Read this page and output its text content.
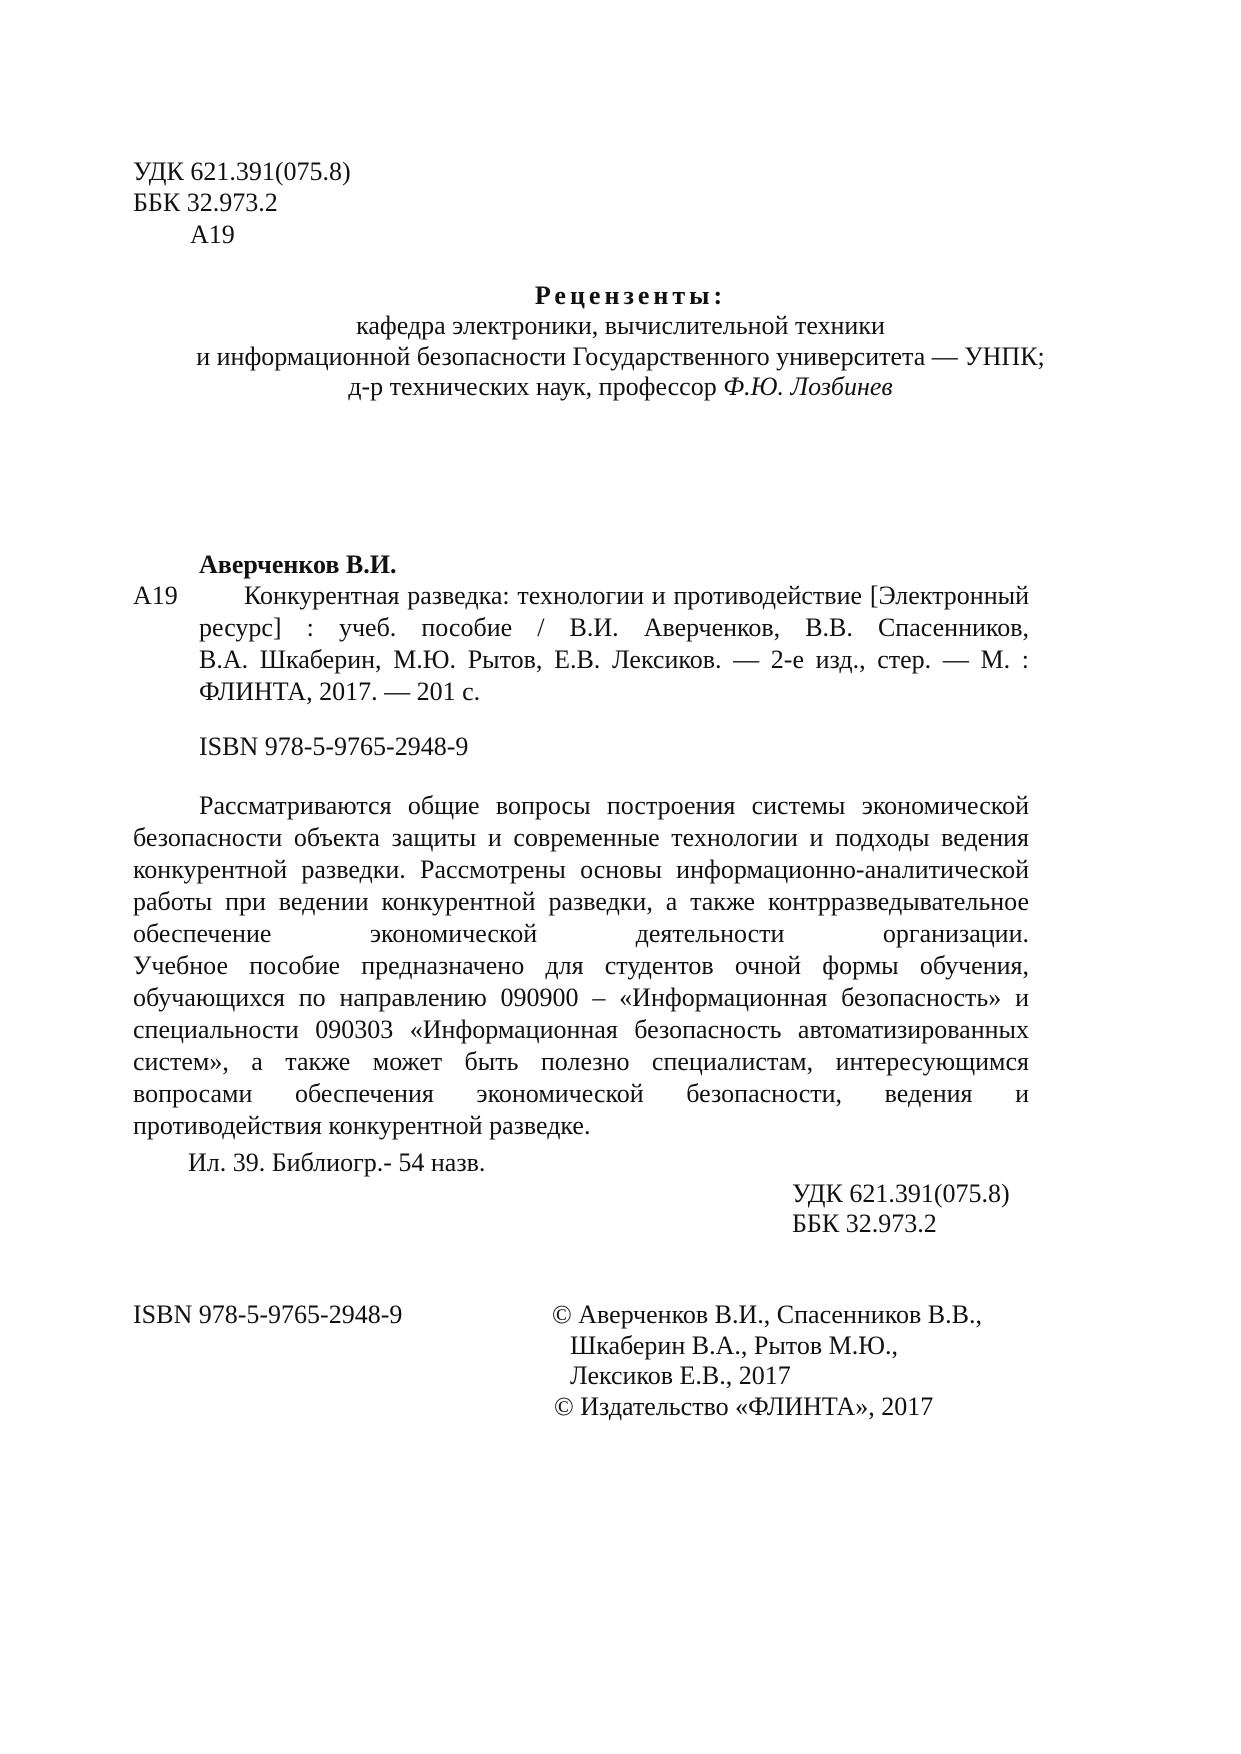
УДК 621.391(075.8)
ББК 32.973.2
А19
Рецензенты:
кафедра электроники, вычислительной техники
и информационной безопасности Государственного университета — УНПК;
д-р технических наук, профессор Ф.Ю. Лозбинев
Аверченков В.И.
А19	Конкурентная разведка: технологии и противодействие [Электронный
ресурс] : учеб. пособие / В.И. Аверченков, В.В. Спасенников,
В.А. Шкаберин, М.Ю. Рытов, Е.В. Лексиков. — 2-е изд., стер. — М. :
ФЛИНТА, 2017. — 201 с.
ISBN 978-5-9765-2948-9
Рассматриваются общие вопросы построения системы экономической
безопасности объекта защиты и современные технологии и подходы ведения
конкурентной разведки. Рассмотрены основы информационно-аналитической
работы при ведении конкурентной разведки, а также контрразведывательное
обеспечение экономической деятельности организации.
Учебное пособие предназначено для студентов очной формы обучения,
обучающихся по направлению 090900 – «Информационная безопасность» и
специальности 090303 «Информационная безопасность автоматизированных
систем», а также может быть полезно специалистам, интересующимся
вопросами обеспечения экономической безопасности, ведения и
противодействия конкурентной разведке.
Ил. 39. Библиогр.- 54 назв.
УДК 621.391(075.8)
ББК 32.973.2
ISBN 978-5-9765-2948-9	© Аверченков В.И., Спасенников В.В.,
Шкаберин В.А., Рытов М.Ю.,
Лексиков Е.В., 2017
© Издательство «ФЛИНТА», 2017
